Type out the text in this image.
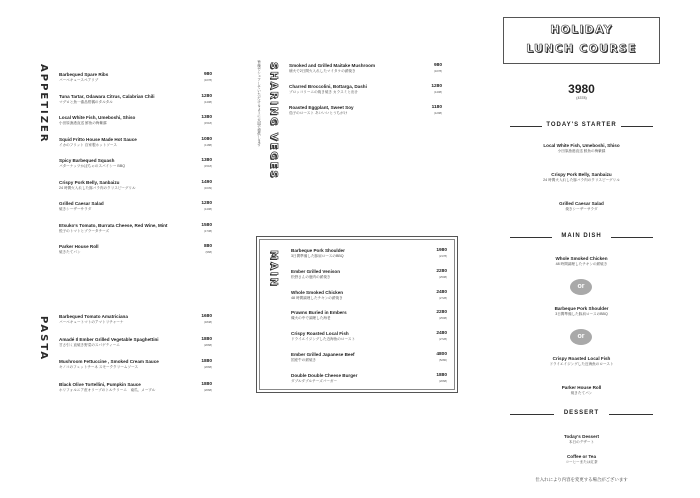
APPETIZER Barbequed Spare Ribs
バーベキュースペアリブ
980
(1078)
Tuna Tartar, Odawara Citrus, Calabrian Chili
マグロと魚一番品柑橘のタルタル
1280
(1408)
Local White Fish, Umeboshi, Shiso
小田原漁港直送 鮮魚の梅紫蘇
1380
(1518)
Squid Fritto House Made Hot Sauce
イカのフリット 自家製ホットソース
1080
(1188)
Spicy Barbequed Squash
バターナッツかぼちゃのスパイシー BBQ
1380
(1518)
Crispy Pork Belly, Sanbaizu
24 時間火入れした豚バラ肉のクリスピーグリル
1490
(1639)
Grilled Caesar Salad
焼きシーザーサラダ
1280
(1408)
Etsuko's Tomato, Burrata Cheese, Red Wine, Mint
悦子のトマトとブラータチーズ
1580
(1738)
Parker House Roll
焼きたてパン
880
(968)
PASTA Barbequed Tomato Amatriciana
バーベキュートマトのアマトリチャーナ
1680
(1848)
Amadé Il Ember Grilled Vegetable Spaghettini
甘さ引く直焼き野菜のスパゲティーニ
1880
(2068)
Mushroom Fettuccine , Smoked Cream Sauce
キノコのフェットチーネ スモーククリームソース
1880
(2068)
Black Olive Tortellini, Pumpkin Sauce
ホリフォルニア産オリーブのトルテリーニ　南瓜、メープル
1880
(2068)
SHARING VEGES
皆様でシェアしていただけるように大皿で提供します	Smoked and Grilled Maitake Mushroom
燻火で2日間火入れしたマイタケの薪焼き
980
(1078)
Charred Broccolini, Bottarga, Dashi
ブロッコリーニの焼き焼き カラスミと出汁
1280
(1408)
Roasted Eggplant, Sweet Soy
茄子のロースト あいいいとうちがけ
1180
(1298)
MAIN	Barbeque Pork Shoulder
3日間準備した豚肩ロースのBBQ
1980
(2178)
Ember Grilled Venison
松野さんの鹿肉の薪焼き
2280
(2508)
Whole Smoked Chicken
48 時間調理したチキンの薪焼き
2480
(2728)
Prawns Buried in Embers
熾火の中で調理した海老
2280
(2508)
Crispy Roasted Local Fish
ドライエイジングした近海魚のロースト
2480
(2728)
Ember Grilled Japanese Beef
国産牛の薪焼き
4800
(5280)
Double Double Cheese Burger
ダブルダブルチーズバーガー
1880
(2068)
HOLIDAY
LUNCH COURSE
3980
(4378)
TODAY'S STARTER
Local White Fish, Umeboshi, Shiso
小田原漁港直送 鮮魚の梅紫蘇
Crispy Pork Belly, Sanbaizu
24 時間火入れした豚バラ肉のクリスピーグリル
Grilled Caesar Salad
焼きシーザーサラダ
MAIN DISH
Whole Smoked Chicken
48 時間調理したチキンの薪焼き
or
Barbeque Pork Shoulder
3日間準備した豚肩ロースのBBQ
or
Crispy Roasted Local Fish
ドライエイジングした近海魚のロースト
Parker House Roll
焼きたてパン
DESSERT
Today's Dessert
本日のデザート
Coffee or Tea
コーヒーまたは紅茶
仕入れにより内容を変更する場合がございます
